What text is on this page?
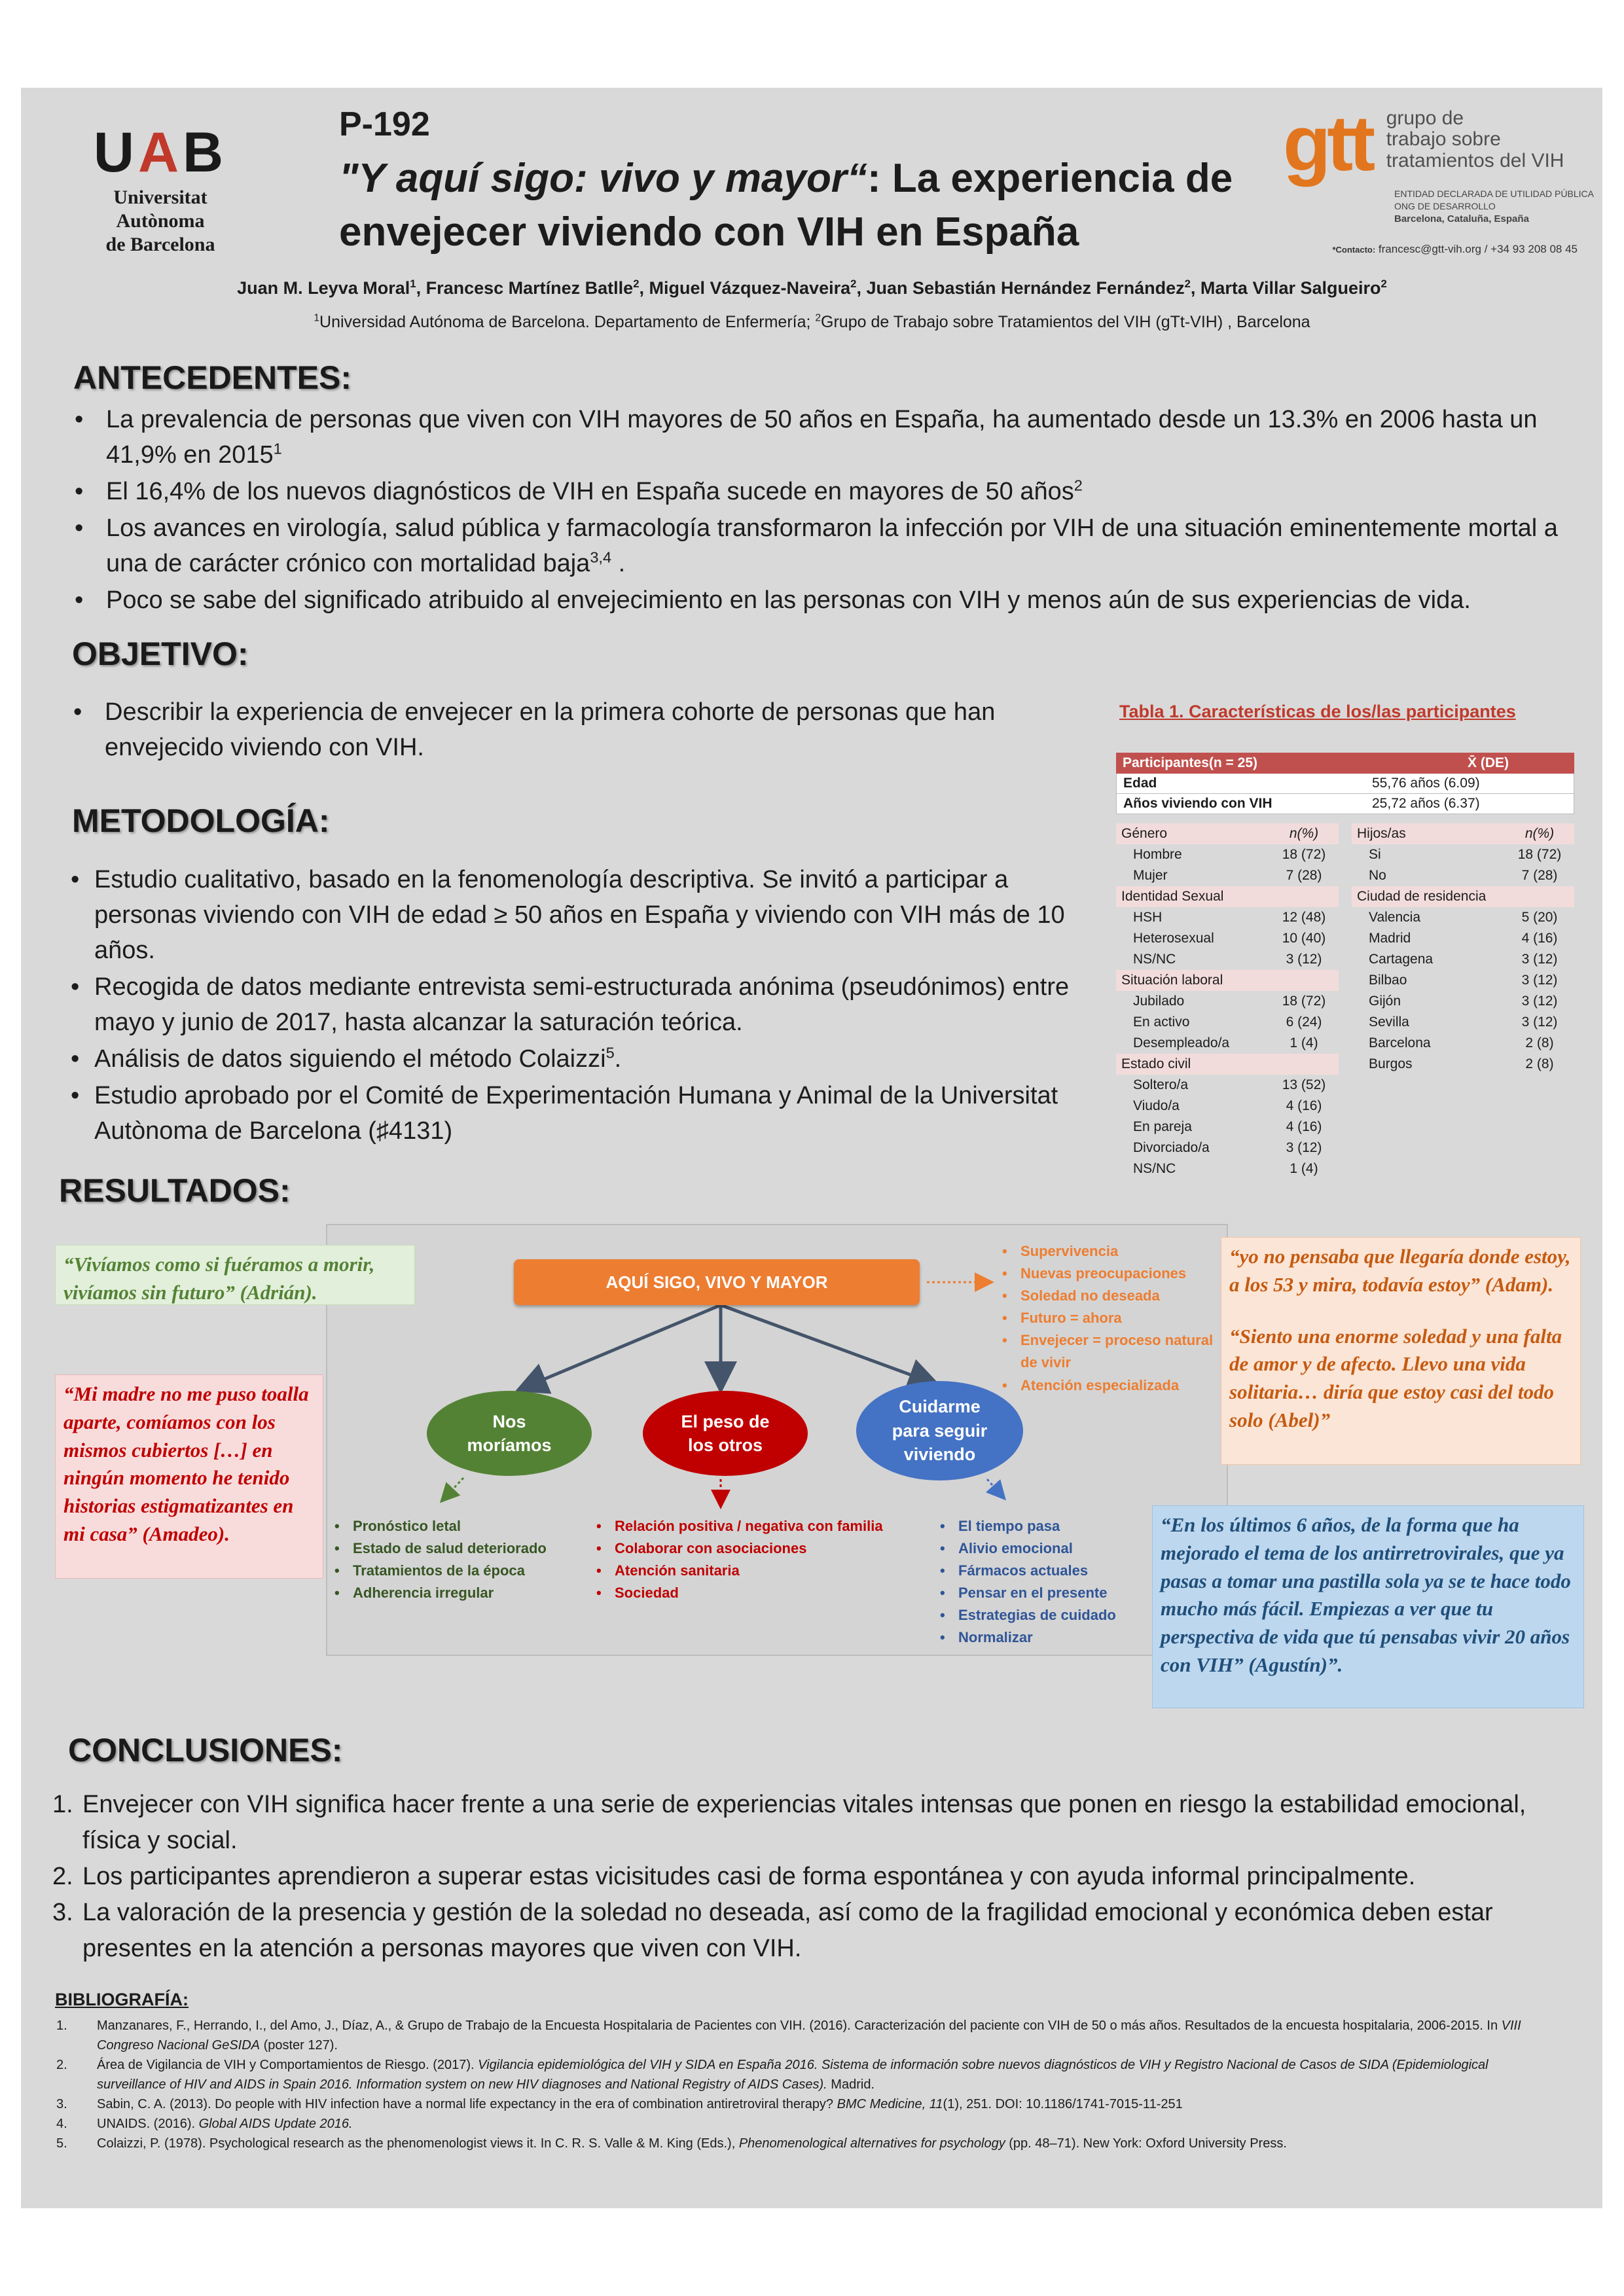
UAB
Universitat Autònoma
de Barcelona
P-192
"Y aquí sigo: vivo y mayor“: La experiencia de
envejecer viviendo con VIH en España
gtt grupo de
trabajo sobre
tratamientos del VIH
ENTIDAD DECLARADA DE UTILIDAD PÚBLICA
ONG DE DESARROLLO
Barcelona, Cataluña, España
*Contacto: francesc@gtt-vih.org / +34 93 208 08 45
Juan M. Leyva Moral$^1$, Francesc Martínez Batlle$^2$, Miguel Vázquez-Naveira$^2$, Juan Sebastián Hernández Fernández$^2$, Marta Villar Salgueiro$^2$
$^1$Universidad Autónoma de Barcelona. Departamento de Enfermería; $^2$Grupo de Trabajo sobre Tratamientos del VIH (gTt-VIH) , Barcelona
ANTECEDENTES:
• La prevalencia de personas que viven con VIH mayores de 50 años en España, ha aumentado desde un 13.3% en 2006 hasta un 41,9% en 2015$^1$
• El 16,4% de los nuevos diagnósticos de VIH en España sucede en mayores de 50 años$^2$
• Los avances en virología, salud pública y farmacología transformaron la infección por VIH de una situación eminentemente mortal a una de carácter crónico con mortalidad baja$^{3,4}$ .
• Poco se sabe del significado atribuido al envejecimiento en las personas con VIH y menos aún de sus experiencias de vida.
OBJETIVO:
• Describir la experiencia de envejecer en la primera cohorte de personas que han envejecido viviendo con VIH.
METODOLOGÍA:
• Estudio cualitativo, basado en la fenomenología descriptiva. Se invitó a participar a personas viviendo con VIH de edad ≥ 50 años en España y viviendo con VIH más de 10 años.
• Recogida de datos mediante entrevista semi-estructurada anónima (pseudónimos) entre mayo y junio de 2017, hasta alcanzar la saturación teórica.
• Análisis de datos siguiendo el método Colaizzi$^5$.
• Estudio aprobado por el Comité de Experimentación Humana y Animal de la Universitat Autònoma de Barcelona (♯4131)
Tabla 1. Características de los/las participantes
Participantes(n = 25)	X̄ (DE)
Edad	55,76 años (6.09)
Años viviendo con VIH	25,72 años (6.37)
Género	n(%)
Hombre	18 (72)
Mujer	7 (28)
Identidad Sexual
HSH	12 (48)
Heterosexual	10 (40)
NS/NC	3 (12)
Situación laboral
Jubilado	18 (72)
En activo	6 (24)
Desempleado/a	1 (4)
Estado civil
Soltero/a	13 (52)
Viudo/a	4 (16)
En pareja	4 (16)
Divorciado/a	3 (12)
NS/NC	1 (4)
Hijos/as	n(%)
Si	18 (72)
No	7 (28)
Ciudad de residencia
Valencia	5 (20)
Madrid	4 (16)
Cartagena	3 (12)
Bilbao	3 (12)
Gijón	3 (12)
Sevilla	3 (12)
Barcelona	2 (8)
Burgos	2 (8)
RESULTADOS:
AQUÍ SIGO, VIVO Y MAYOR
Nos
moríamos
El peso de
los otros
Cuidarme
para seguir
viviendo
• Supervivencia
• Nuevas preocupaciones
• Soledad no deseada
• Futuro = ahora
• Envejecer = proceso natural de vivir
• Atención especializada
• Pronóstico letal
• Estado de salud deteriorado
• Tratamientos de la época
• Adherencia irregular
• Relación positiva / negativa con familia
• Colaborar con asociaciones
• Atención sanitaria
• Sociedad
• El tiempo pasa
• Alivio emocional
• Fármacos actuales
• Pensar en el presente
• Estrategias de cuidado
• Normalizar
“Vivíamos como si fuéramos a morir, vivíamos sin futuro” (Adrián).
“Mi madre no me puso toalla aparte, comíamos con los mismos cubiertos […] en ningún momento he tenido historias estigmatizantes en mi casa” (Amadeo).
“yo no pensaba que llegaría donde estoy, a los 53 y mira, todavía estoy” (Adam).
“Siento una enorme soledad y una falta de amor y de afecto. Llevo una vida solitaria… diría que estoy casi del todo solo (Abel)”
“En los últimos 6 años, de la forma que ha mejorado el tema de los antirretrovirales, que ya pasas a tomar una pastilla sola ya se te hace todo mucho más fácil. Empiezas a ver que tu perspectiva de vida que tú pensabas vivir 20 años con VIH” (Agustín)”.
CONCLUSIONES:
1. Envejecer con VIH significa hacer frente a una serie de experiencias vitales intensas que ponen en riesgo la estabilidad emocional, física y social.
2. Los participantes aprendieron a superar estas vicisitudes casi de forma espontánea y con ayuda informal principalmente.
3. La valoración de la presencia y gestión de la soledad no deseada, así como de la fragilidad emocional y económica deben estar presentes en la atención a personas mayores que viven con VIH.
BIBLIOGRAFÍA:
1. Manzanares, F., Herrando, I., del Amo, J., Díaz, A., & Grupo de Trabajo de la Encuesta Hospitalaria de Pacientes con VIH. (2016). Caracterización del paciente con VIH de 50 o más años. Resultados de la encuesta hospitalaria, 2006-2015. In VIII Congreso Nacional GeSIDA (poster 127).
2. Área de Vigilancia de VIH y Comportamientos de Riesgo. (2017). Vigilancia epidemiológica del VIH y SIDA en España 2016. Sistema de información sobre nuevos diagnósticos de VIH y Registro Nacional de Casos de SIDA (Epidemiological surveillance of HIV and AIDS in Spain 2016. Information system on new HIV diagnoses and National Registry of AIDS Cases). Madrid.
3. Sabin, C. A. (2013). Do people with HIV infection have a normal life expectancy in the era of combination antiretroviral therapy? BMC Medicine, 11(1), 251. DOI: 10.1186/1741-7015-11-251
4. UNAIDS. (2016). Global AIDS Update 2016.
5. Colaizzi, P. (1978). Psychological research as the phenomenologist views it. In C. R. S. Valle & M. King (Eds.), Phenomenological alternatives for psychology (pp. 48–71). New York: Oxford University Press.
